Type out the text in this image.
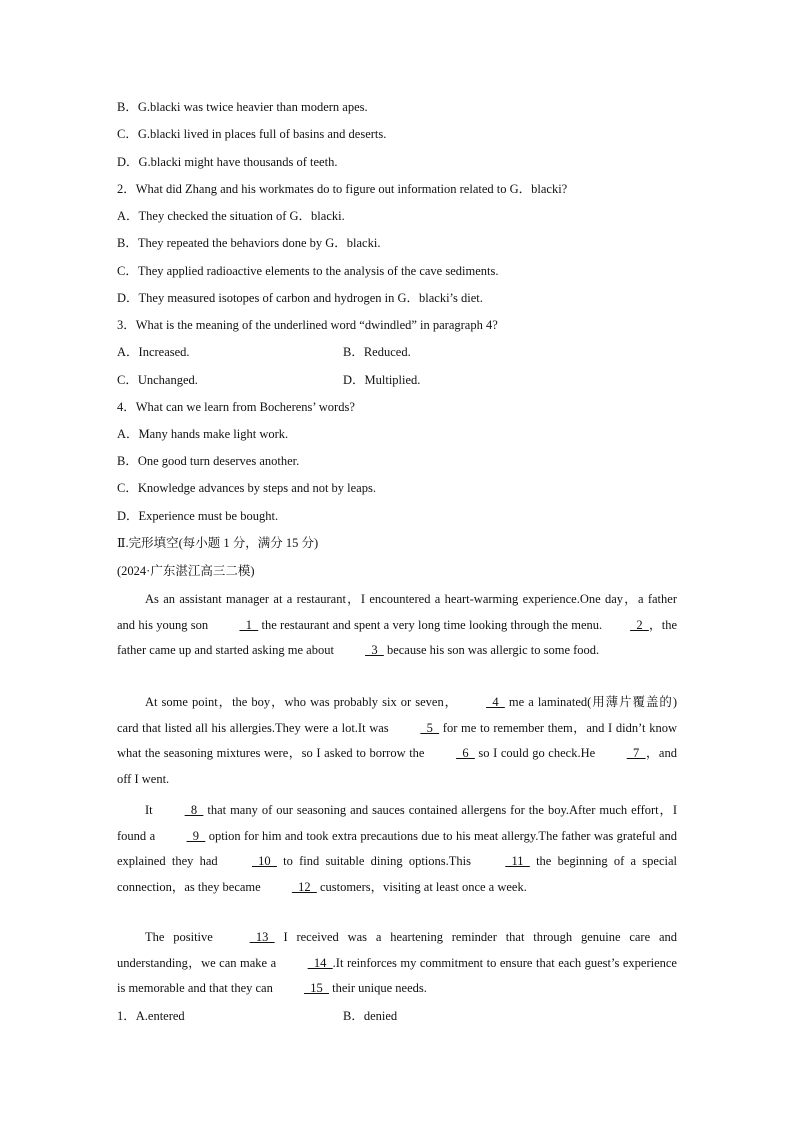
B．G.blacki was twice heavier than modern apes.
C．G.blacki lived in places full of basins and deserts.
D．G.blacki might have thousands of teeth.
2．What did Zhang and his workmates do to figure out information related to G．blacki?
A．They checked the situation of G．blacki.
B．They repeated the behaviors done by G．blacki.
C．They applied radioactive elements to the analysis of the cave sediments.
D．They measured isotopes of carbon and hydrogen in G．blacki’s diet.
3．What is the meaning of the underlined word “dwindled” in paragraph 4?
A．Increased.	B．Reduced.
C．Unchanged.	D．Multiplied.
4．What can we learn from Bocherens’ words?
A．Many hands make light work.
B．One good turn deserves another.
C．Knowledge advances by steps and not by leaps.
D．Experience must be bought.
Ⅱ.完形填空(每小题 1 分，满分 15 分)
(2024·广东湛江高三二模)
As an assistant manager at a restaurant，I encountered a heart-warming experience.One day，a father and his young son   1   the restaurant and spent a very long time looking through the menu.  2  ，the father came up and started asking me about   3   because his son was allergic to some food.
At some point，the boy，who was probably six or seven，  4   me a laminated(用薄片覆盖的) card that listed all his allergies.They were a lot.It was   5   for me to remember them，and I didn’t know what the seasoning mixtures were，so I asked to borrow the   6   so I could go check.He   7  ，and off I went.
It   8   that many of our seasoning and sauces contained allergens for the boy.After much effort，I found a   9   option for him and took extra precautions due to his meat allergy.The father was grateful and explained they had   10   to find suitable dining options.This   11   the beginning of a special connection，as they became   12   customers，visiting at least once a week.
The positive   13   I received was a heartening reminder that through genuine care and understanding，we can make a   14  .It reinforces my commitment to ensure that each guest’s experience is memorable and that they can   15   their unique needs.
1．A.entered	B．denied
